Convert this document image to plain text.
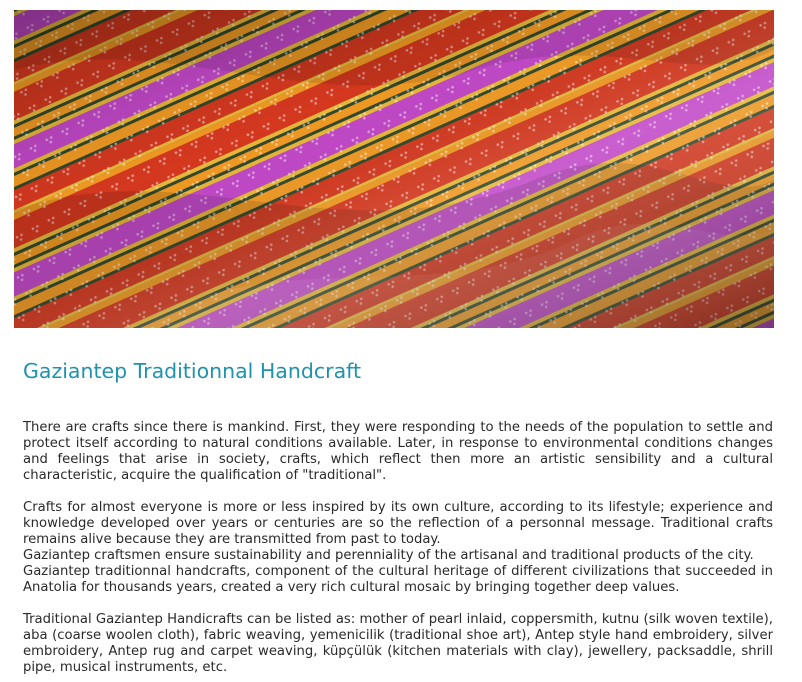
Gaziantep Traditionnal Handcraft

There are crafts since there is mankind. First, they were responding to the needs of the population to settle and protect itself according to natural conditions available. Later, in response to environmental conditions changes and feelings that arise in society, crafts, which reflect then more an artistic sensibility and a cultural characteristic, acquire the qualification of "traditional".

Crafts for almost everyone is more or less inspired by its own culture, according to its lifestyle; experience and knowledge developed over years or centuries are so the reflection of a personnal message. Traditional crafts remains alive because they are transmitted from past to today.

Gaziantep craftsmen ensure sustainability and perenniality of the artisanal and traditional products of the city.

Gaziantep traditionnal handcrafts, component of the cultural heritage of different civilizations that succeeded in Anatolia for thousands years, created a very rich cultural mosaic by bringing together deep values.

Traditional Gaziantep Handicrafts can be listed as: mother of pearl inlaid, coppersmith, kutnu (silk woven textile), aba (coarse woolen cloth), fabric weaving, yemenicilik (traditional shoe art), Antep style hand embroidery, silver embroidery, Antep rug and carpet weaving, küpçülük (kitchen materials with clay), jewellery, packsaddle, shrill pipe, musical instruments, etc.
